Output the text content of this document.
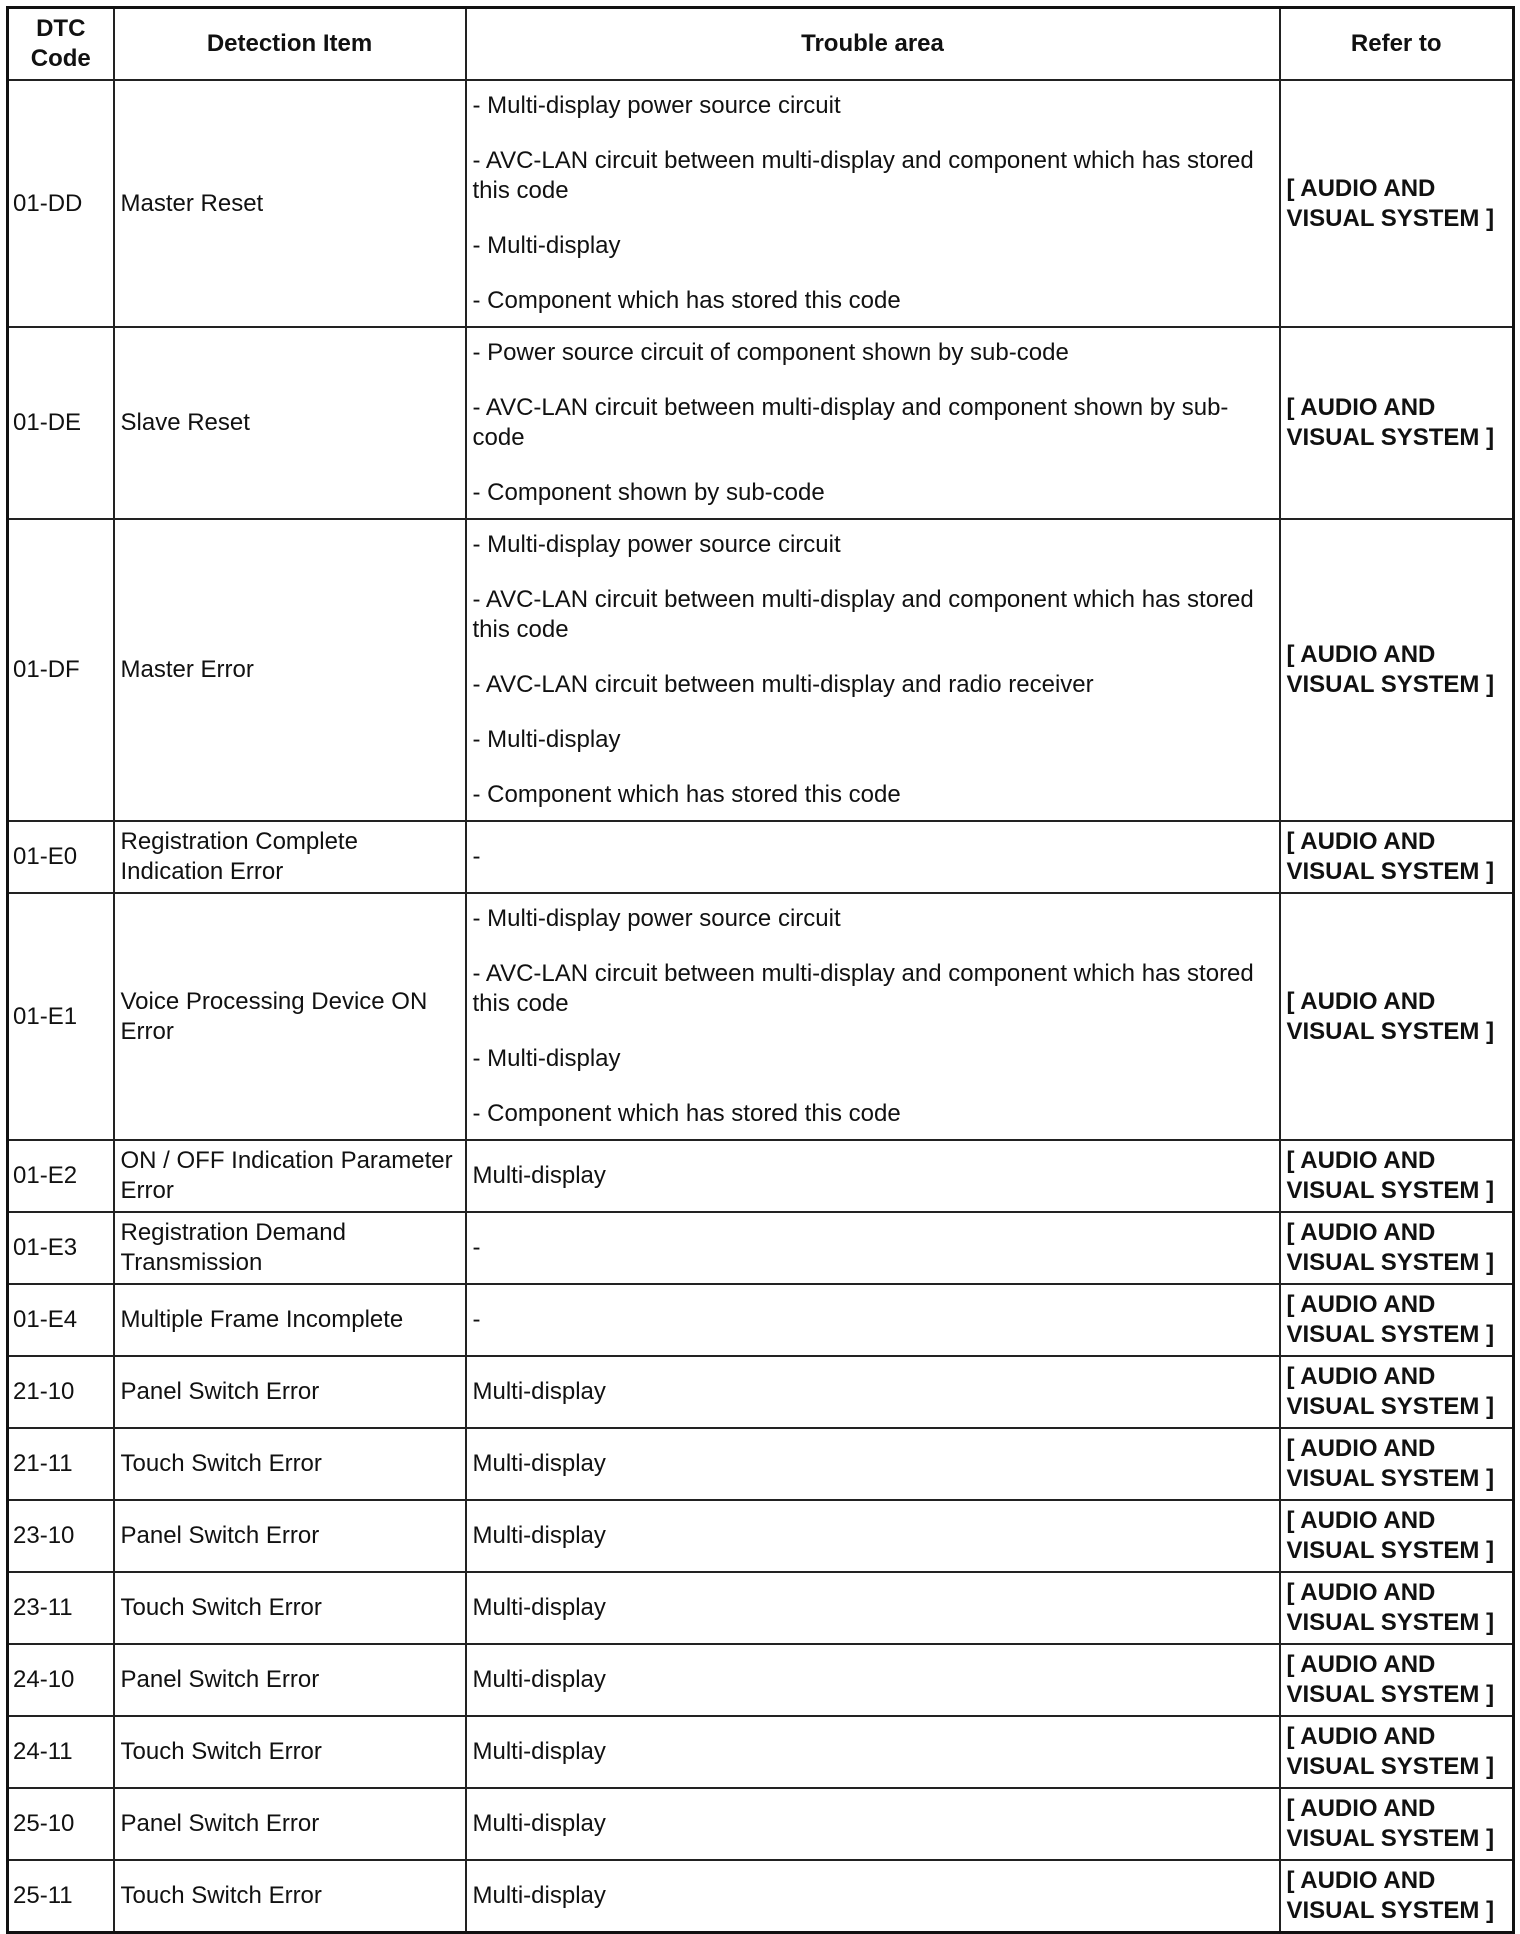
DTC Code	Detection Item	Trouble area	Refer to
01-DD	Master Reset	- Multi-display power source circuit
- AVC-LAN circuit between multi-display and component which has stored this code
- Multi-display
- Component which has stored this code	[ AUDIO AND VISUAL SYSTEM ]
01-DE	Slave Reset	- Power source circuit of component shown by sub-code
- AVC-LAN circuit between multi-display and component shown by sub-code
- Component shown by sub-code	[ AUDIO AND VISUAL SYSTEM ]
01-DF	Master Error	- Multi-display power source circuit
- AVC-LAN circuit between multi-display and component which has stored this code
- AVC-LAN circuit between multi-display and radio receiver
- Multi-display
- Component which has stored this code	[ AUDIO AND VISUAL SYSTEM ]
01-E0	Registration Complete Indication Error	-	[ AUDIO AND VISUAL SYSTEM ]
01-E1	Voice Processing Device ON Error	- Multi-display power source circuit
- AVC-LAN circuit between multi-display and component which has stored this code
- Multi-display
- Component which has stored this code	[ AUDIO AND VISUAL SYSTEM ]
01-E2	ON / OFF Indication Parameter Error	Multi-display	[ AUDIO AND VISUAL SYSTEM ]
01-E3	Registration Demand Transmission	-	[ AUDIO AND VISUAL SYSTEM ]
01-E4	Multiple Frame Incomplete	-	[ AUDIO AND VISUAL SYSTEM ]
21-10	Panel Switch Error	Multi-display	[ AUDIO AND VISUAL SYSTEM ]
21-11	Touch Switch Error	Multi-display	[ AUDIO AND VISUAL SYSTEM ]
23-10	Panel Switch Error	Multi-display	[ AUDIO AND VISUAL SYSTEM ]
23-11	Touch Switch Error	Multi-display	[ AUDIO AND VISUAL SYSTEM ]
24-10	Panel Switch Error	Multi-display	[ AUDIO AND VISUAL SYSTEM ]
24-11	Touch Switch Error	Multi-display	[ AUDIO AND VISUAL SYSTEM ]
25-10	Panel Switch Error	Multi-display	[ AUDIO AND VISUAL SYSTEM ]
25-11	Touch Switch Error	Multi-display	[ AUDIO AND VISUAL SYSTEM ]
